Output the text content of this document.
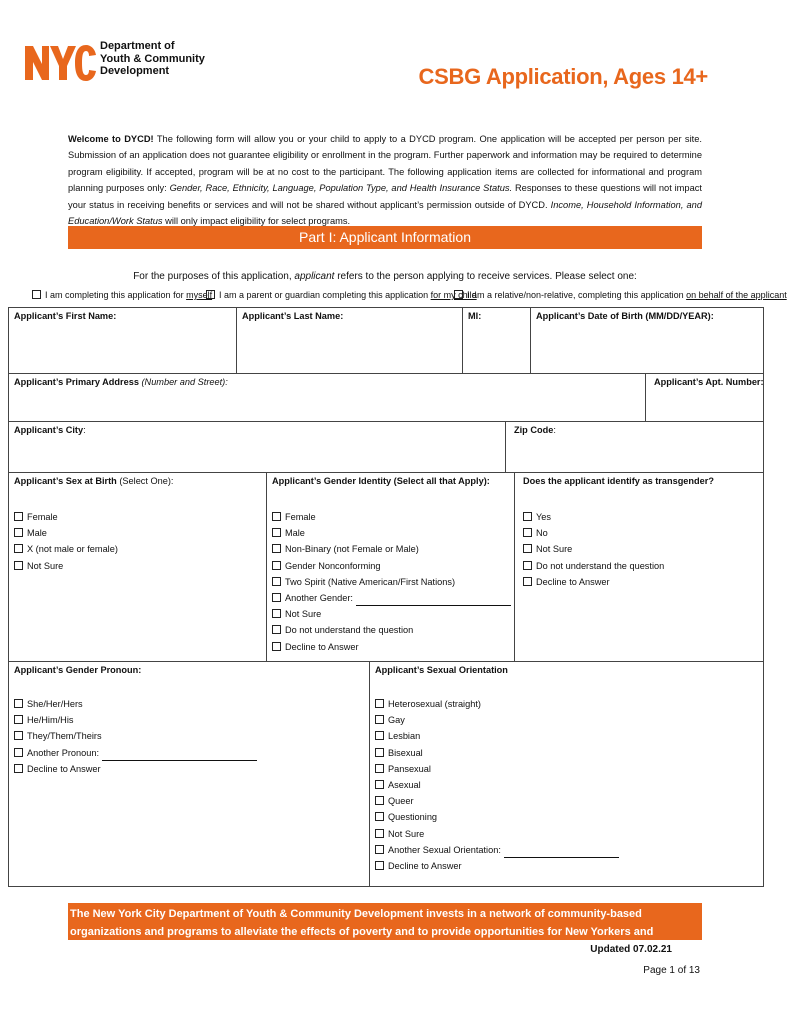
Department of
Youth & Community
Development	CSBG Application, Ages 14+
Welcome to DYCD! The following form will allow you or your child to apply to a DYCD program. One application will be accepted per person per site. Submission of an application does not guarantee eligibility or enrollment in the program. Further paperwork and information may be required to determine program eligibility. If accepted, program will be at no cost to the participant. The following application items are collected for informational and program planning purposes only: Gender, Race, Ethnicity, Language, Population Type, and Health Insurance Status. Responses to these questions will not impact your status in receiving benefits or services and will not be shared without applicant’s permission outside of DYCD. Income, Household Information, and Education/Work Status will only impact eligibility for select programs.
Part I: Applicant Information
For the purposes of this application, applicant refers to the person applying to receive services. Please select one:
I am completing this application for myself I am a parent or guardian completing this application for my child
I am a relative/non-relative, completing this application on behalf of the applicant
Applicant’s First Name:	Applicant’s Last Name:	MI:	Applicant’s Date of Birth (MM/DD/YEAR):
Applicant’s Primary Address (Number and Street):	Applicant’s Apt. Number:
Applicant’s City:	Zip Code:
Applicant’s Sex at Birth (Select One):
Female
Male
X (not male or female)
Not Sure
Applicant’s Gender Identity (Select all that Apply):
Female
Male
Non-Binary (not Female or Male)
Gender Nonconforming
Two Spirit (Native American/First Nations)
Another Gender:
Not Sure
Do not understand the question
Decline to Answer
Does the applicant identify as transgender?
Yes
No
Not Sure
Do not understand the question
Decline to Answer
Applicant’s Gender Pronoun:
She/Her/Hers
He/Him/His
They/Them/Theirs
Another Pronoun:
Decline to Answer
Applicant’s Sexual Orientation
Heterosexual (straight)
Gay
Lesbian
Bisexual
Pansexual
Asexual
Queer
Questioning
Not Sure
Another Sexual Orientation:
Decline to Answer
The New York City Department of Youth & Community Development invests in a network of community-based organizations and programs to alleviate the effects of poverty and to provide opportunities for New Yorkers and communities to flourish.	Updated 07.02.21
Page 1 of 13
